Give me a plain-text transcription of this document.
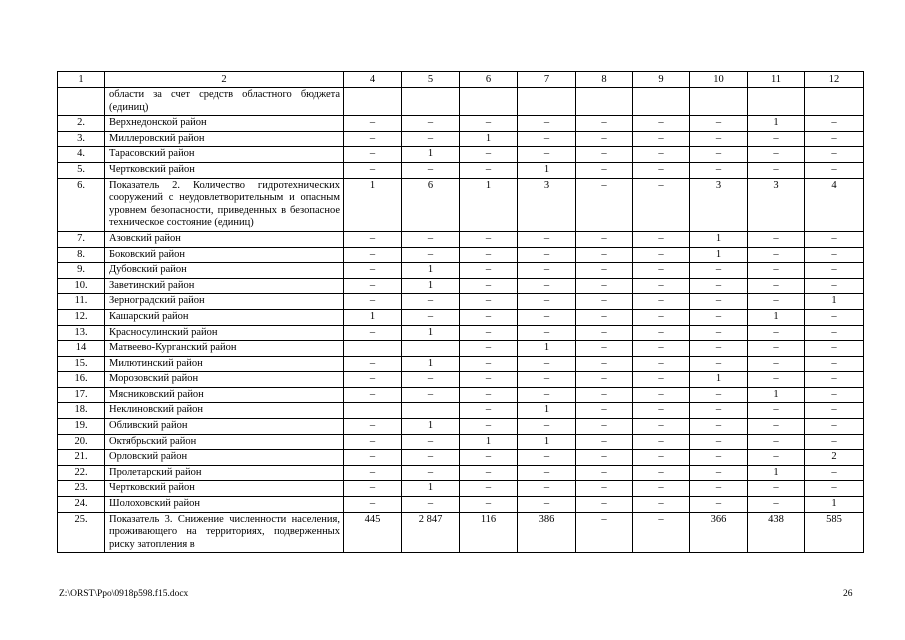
1	2	4	5	6	7	8	9	10	11	12
	области за счет средств областного бюджета (единиц)									
2.	Верхнедонской район	–	–	–	–	–	–	–	1	–
3.	Миллеровский район	–	–	1	–	–	–	–	–	–
4.	Тарасовский район	–	1	–	–	–	–	–	–	–
5.	Чертковский район	–	–	–	1	–	–	–	–	–
6.	Показатель 2. Количество гидротехнических сооружений с неудовлетворительным и опасным уровнем безопасности, приведенных в безопасное техническое состояние (единиц)	1	6	1	3	–	–	3	3	4
7.	Азовский район	–	–	–	–	–	–	1	–	–
8.	Боковский район	–	–	–	–	–	–	1	–	–
9.	Дубовский район	–	1	–	–	–	–	–	–	–
10.	Заветинский район	–	1	–	–	–	–	–	–	–
11.	Зерноградский район	–	–	–	–	–	–	–	–	1
12.	Кашарский район	1	–	–	–	–	–	–	1	–
13.	Красносулинский район	–	1	–	–	–	–	–	–	–
14	Матвеево-Курганский район			–	1	–	–	–	–	–
15.	Милютинский район	–	1	–	–	–	–	–	–	–
16.	Морозовский район	–	–	–	–	–	–	1	–	–
17.	Мясниковский район	–	–	–	–	–	–	–	1	–
18.	Неклиновский район			–	1	–	–	–	–	–
19.	Обливский район	–	1	–	–	–	–	–	–	–
20.	Октябрьский район	–	–	1	1	–	–	–	–	–
21.	Орловский район	–	–	–	–	–	–	–	–	2
22.	Пролетарский район	–	–	–	–	–	–	–	1	–
23.	Чертковский район	–	1	–	–	–	–	–	–	–
24.	Шолоховский район	–	–	–	–	–	–	–	–	1
25.	Показатель 3. Снижение численности населения, проживающего на территориях, подверженных риску затопления в	445	2 847	116	386	–	–	366	438	585
Z:\ORST\Ppo\0918p598.f15.docx	26
